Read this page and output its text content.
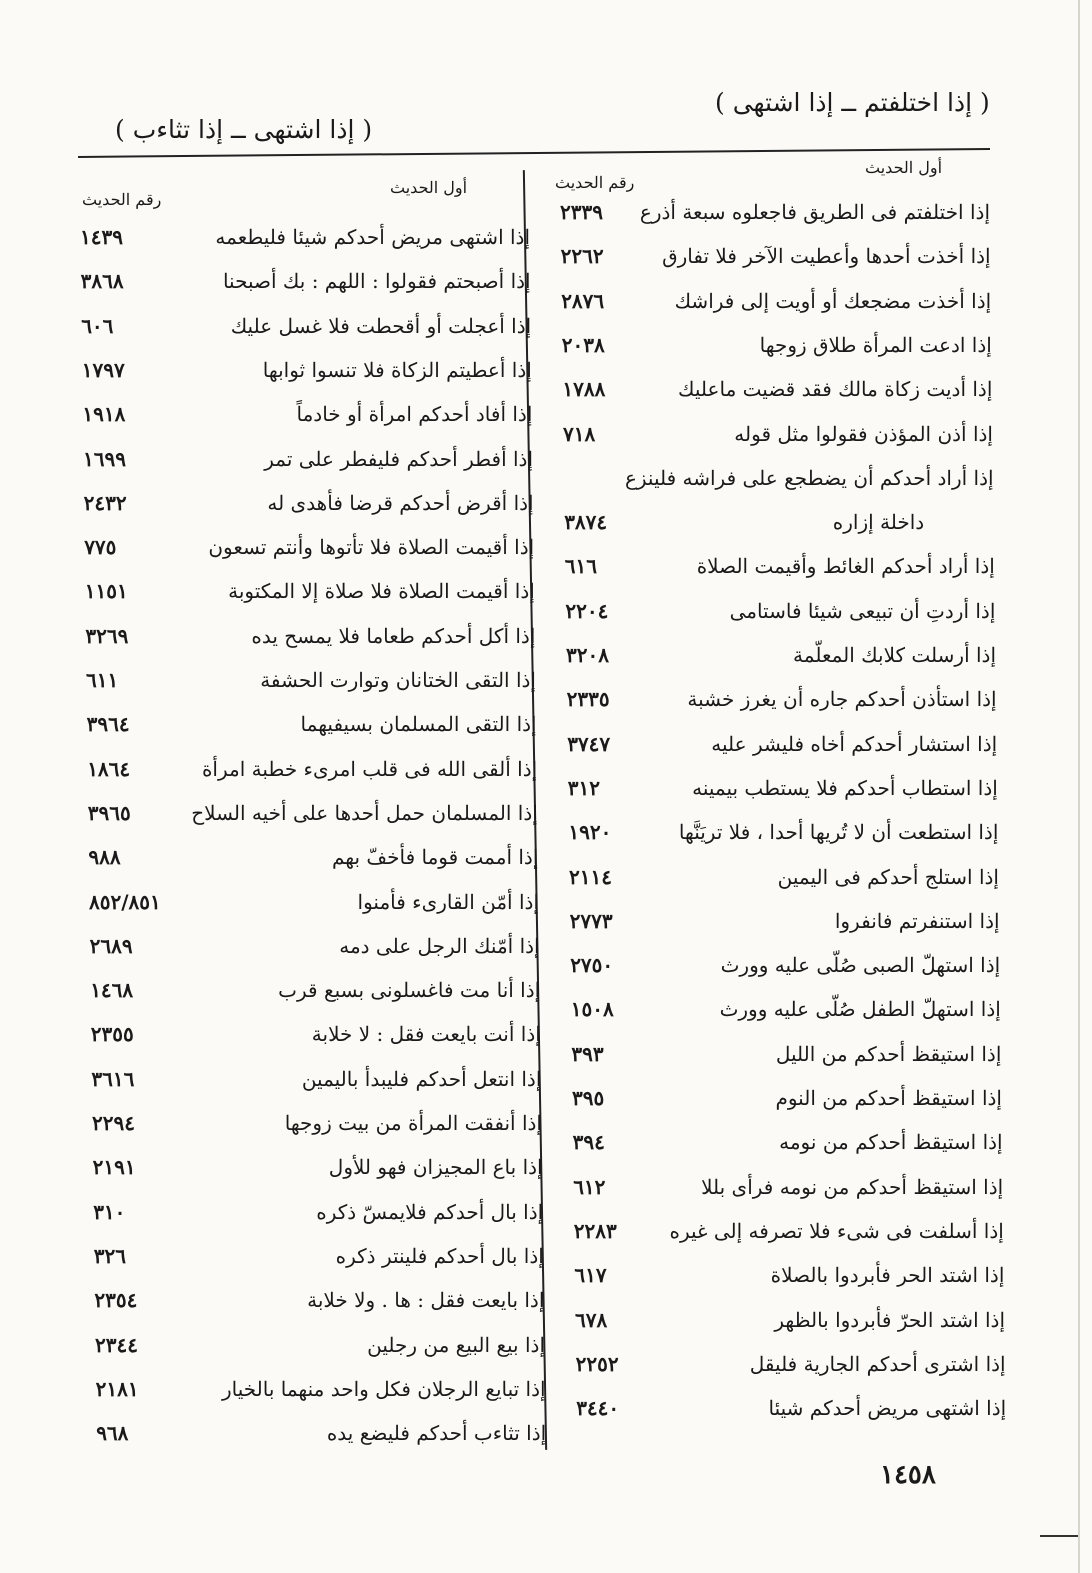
( إذا اختلفتم ــ إذا اشتهى )
( إذا اشتهى ــ إذا تثاءب )
أول الحديث
رقم الحديث
أول الحديث
رقم الحديث
إذا اختلفتم فى الطريق فاجعلوه سبعة أذرع
٢٣٣٩
إذا أخذت أحدها وأعطيت الآخر فلا تفارق
٢٢٦٢
إذا أخذت مضجعك أو أويت إلى فراشك
٢٨٧٦
إذا ادعت المرأة طلاق زوجها
٢٠٣٨
إذا أديت زكاة مالك فقد قضيت ماعليك
١٧٨٨
إذا أذن المؤذن فقولوا مثل قوله
٧١٨
إذا أراد أحدكم أن يضطجع على فراشه فلينزع
داخلة إزاره
٣٨٧٤
إذا أراد أحدكم الغائط وأقيمت الصلاة
٦١٦
إذا أردتِ أن تبيعى شيئا فاستامى
٢٢٠٤
إذا أرسلت كلابك المعلّمة
٣٢٠٨
إذا استأذن أحدكم جاره أن يغرز خشبة
٢٣٣٥
إذا استشار أحدكم أخاه فليشر عليه
٣٧٤٧
إذا استطاب أحدكم فلا يستطب بيمينه
٣١٢
إذا استطعت أن لا تُريها أحدا ، فلا تريَنَّها
١٩٢٠
إذا استلج أحدكم فى اليمين
٢١١٤
إذا استنفرتم فانفروا
٢٧٧٣
إذا استهلّ الصبى صُلّى عليه وورث
٢٧٥٠
إذا استهلّ الطفل صُلّى عليه وورث
١٥٠٨
إذا استيقظ أحدكم من الليل
٣٩٣
إذا استيقظ أحدكم من النوم
٣٩٥
إذا استيقظ أحدكم من نومه
٣٩٤
إذا استيقظ أحدكم من نومه فرأى بللا
٦١٢
إذا أسلفت فى شىء فلا تصرفه إلى غيره
٢٢٨٣
إذا اشتد الحر فأبردوا بالصلاة
٦١٧
إذا اشتد الحرّ فأبردوا بالظهر
٦٧٨
إذا اشترى أحدكم الجارية فليقل
٢٢٥٢
إذا اشتهى مريض أحدكم شيئا
٣٤٤٠
إذا اشتهى مريض أحدكم شيئا فليطعمه
١٤٣٩
إذا أصبحتم فقولوا : اللهم : بك أصبحنا
٣٨٦٨
إذا أعجلت أو أقحطت فلا غسل عليك
٦٠٦
إذا أعطيتم الزكاة فلا تنسوا ثوابها
١٧٩٧
إذا أفاد أحدكم امرأة أو خادماً
١٩١٨
إذا أفطر أحدكم فليفطر على تمر
١٦٩٩
إذا أقرض أحدكم قرضا فأهدى له
٢٤٣٢
إذا أقيمت الصلاة فلا تأتوها وأنتم تسعون
٧٧٥
إذا أقيمت الصلاة فلا صلاة إلا المكتوبة
١١٥١
إذا أكل أحدكم طعاما فلا يمسح يده
٣٢٦٩
إذا التقى الختانان وتوارت الحشفة
٦١١
إذا التقى المسلمان بسيفيهما
٣٩٦٤
إذا ألقى الله فى قلب امرىء خطبة امرأة
١٨٦٤
إذا المسلمان حمل أحدها على أخيه السلاح
٣٩٦٥
إذا أممت قوما فأخفّ بهم
٩٨٨
إذا أمّن القارىء فأمنوا
٨٥٢/٨٥١
إذا أمّنك الرجل على دمه
٢٦٨٩
إذا أنا مت فاغسلونى بسبع قرب
١٤٦٨
إذا أنت بايعت فقل : لا خلابة
٢٣٥٥
إذا انتعل أحدكم فليبدأ باليمين
٣٦١٦
إذا أنفقت المرأة من بيت زوجها
٢٢٩٤
إذا باع المجيزان فهو للأول
٢١٩١
إذا بال أحدكم فلايمسّ ذكره
٣١٠
إذا بال أحدكم فلينتر ذكره
٣٢٦
إذا بايعت فقل : ها . ولا خلابة
٢٣٥٤
إذا بيع البيع من رجلين
٢٣٤٤
إذا تبايع الرجلان فكل واحد منهما بالخيار
٢١٨١
إذا تثاءب أحدكم فليضع يده
٩٦٨
١٤٥٨
